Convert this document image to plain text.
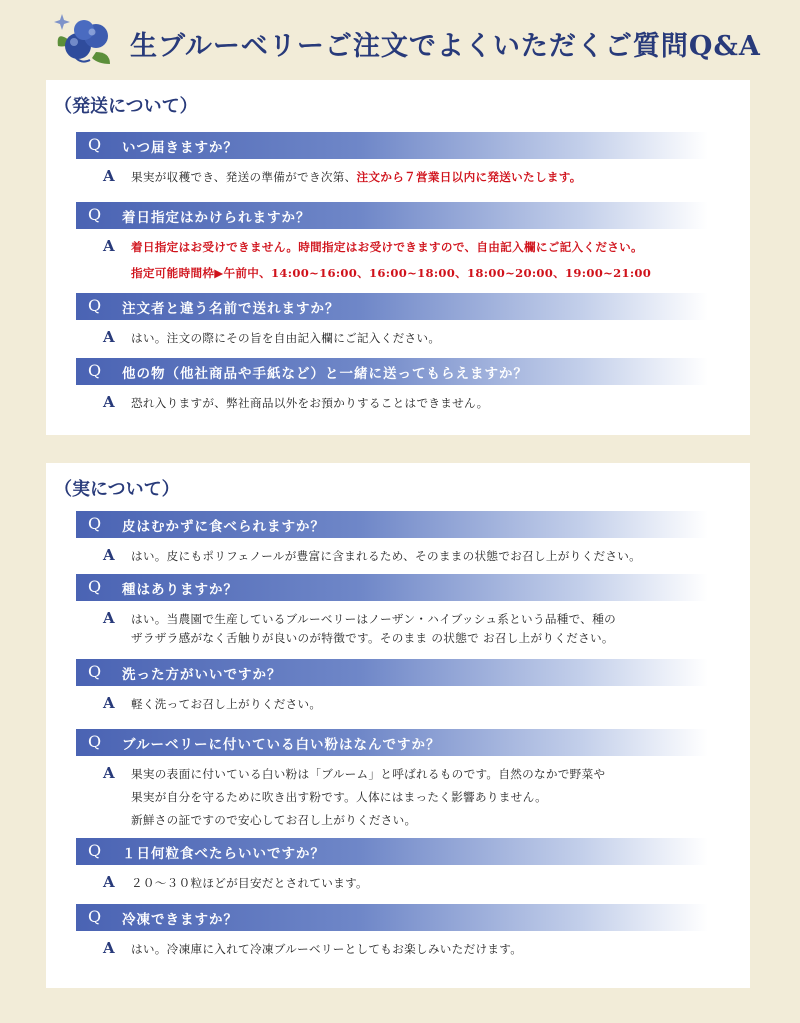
生ブルーベリーご注文でよくいただくご質問Q&A
（発送について）
Q いつ届きますか？
A 果実が収穫でき、発送の準備ができ次第、注文から７営業日以内に発送いたします。
Q 着日指定はかけられますか？
A 着日指定はお受けできません。時間指定はお受けできますので、自由記入欄にご記入ください。
指定可能時間枠▶午前中、14:00~16:00、16:00~18:00、18:00~20:00、19:00~21:00
Q 注文者と違う名前で送れますか？
A はい。注文の際にその旨を自由記入欄にご記入ください。
Q 他の物（他社商品や手紙など）と一緒に送ってもらえますか？
A 恐れ入りますが、弊社商品以外をお預かりすることはできません。
（実について）
Q 皮はむかずに食べられますか？
A はい。皮にもポリフェノールが豊富に含まれるため、そのままの状態でお召し上がりください。
Q 種はありますか？
A はい。当農園で生産しているブルーベリーはノーザン・ハイブッシュ系という品種で、種の
ザラザラ感がなく舌触りが良いのが特徴です。そのまま の状態で お召し上がりください。
Q 洗った方がいいですか？
A 軽く洗ってお召し上がりください。
Q ブルーベリーに付いている白い粉はなんですか？
A 果実の表面に付いている白い粉は「ブルーム」と呼ばれるものです。自然のなかで野菜や
果実が自分を守るために吹き出す粉です。人体にはまったく影響ありません。
新鮮さの証ですので安心してお召し上がりください。
Q １日何粒食べたらいいですか？
A ２０～３０粒ほどが目安だとされています。
Q 冷凍できますか？
A はい。冷凍庫に入れて冷凍ブルーベリーとしてもお楽しみいただけます。
